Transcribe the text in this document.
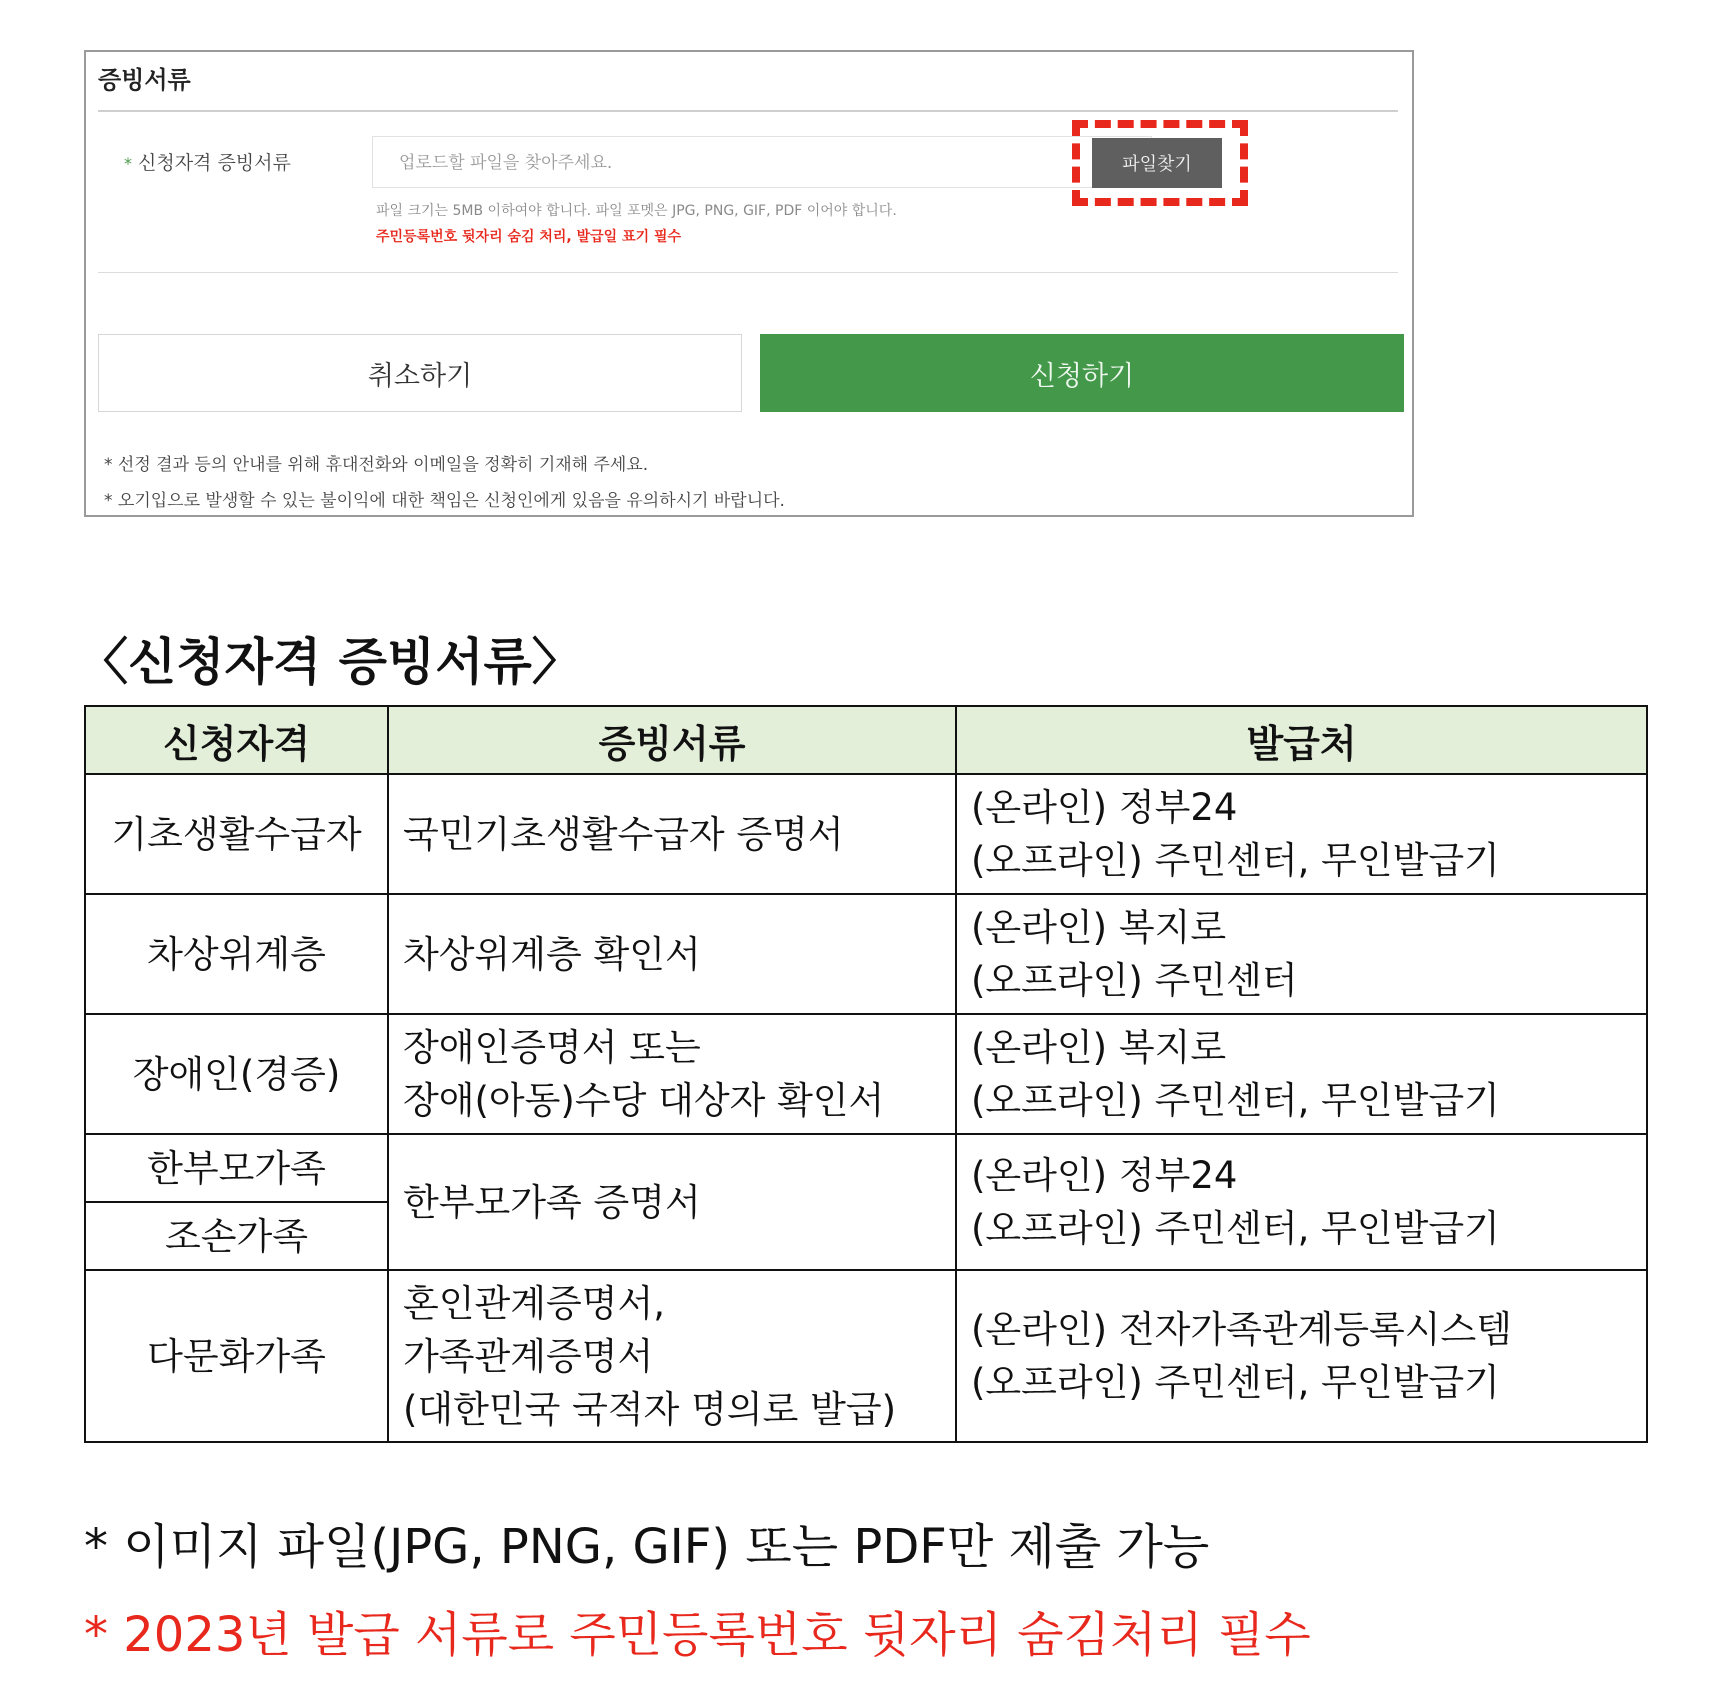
증빙서류
* 신청자격 증빙서류	업로드할 파일을 찾아주세요.	파일찾기
파일 크기는 5MB 이하여야 합니다. 파일 포멧은 JPG, PNG, GIF, PDF 이어야 합니다.
주민등록번호 뒷자리 숨김 처리, 발급일 표기 필수
취소하기	신청하기
* 선정 결과 등의 안내를 위해 휴대전화와 이메일을 정확히 기재해 주세요.
* 오기입으로 발생할 수 있는 불이익에 대한 책임은 신청인에게 있음을 유의하시기 바랍니다.
〈신청자격 증빙서류〉
신청자격	증빙서류	발급처
기초생활수급자	국민기초생활수급자 증명서	(온라인) 정부24
(오프라인) 주민센터, 무인발급기

차상위계층	차상위계층 확인서	(온라인) 복지로
(오프라인) 주민센터

장애인(경증)	장애인증명서 또는
장애(아동)수당 대상자 확인서	(온라인) 복지로
(오프라인) 주민센터, 무인발급기

한부모가족	한부모가족 증명서	(온라인) 정부24
(오프라인) 주민센터, 무인발급기

조손가족		
다문화가족	혼인관계증명서,
가족관계증명서
(대한민국 국적자 명의로 발급)	(온라인) 전자가족관계등록시스템
(오프라인) 주민센터, 무인발급기
* 이미지 파일(JPG, PNG, GIF) 또는 PDF만 제출 가능
* 2023년 발급 서류로 주민등록번호 뒷자리 숨김처리 필수
